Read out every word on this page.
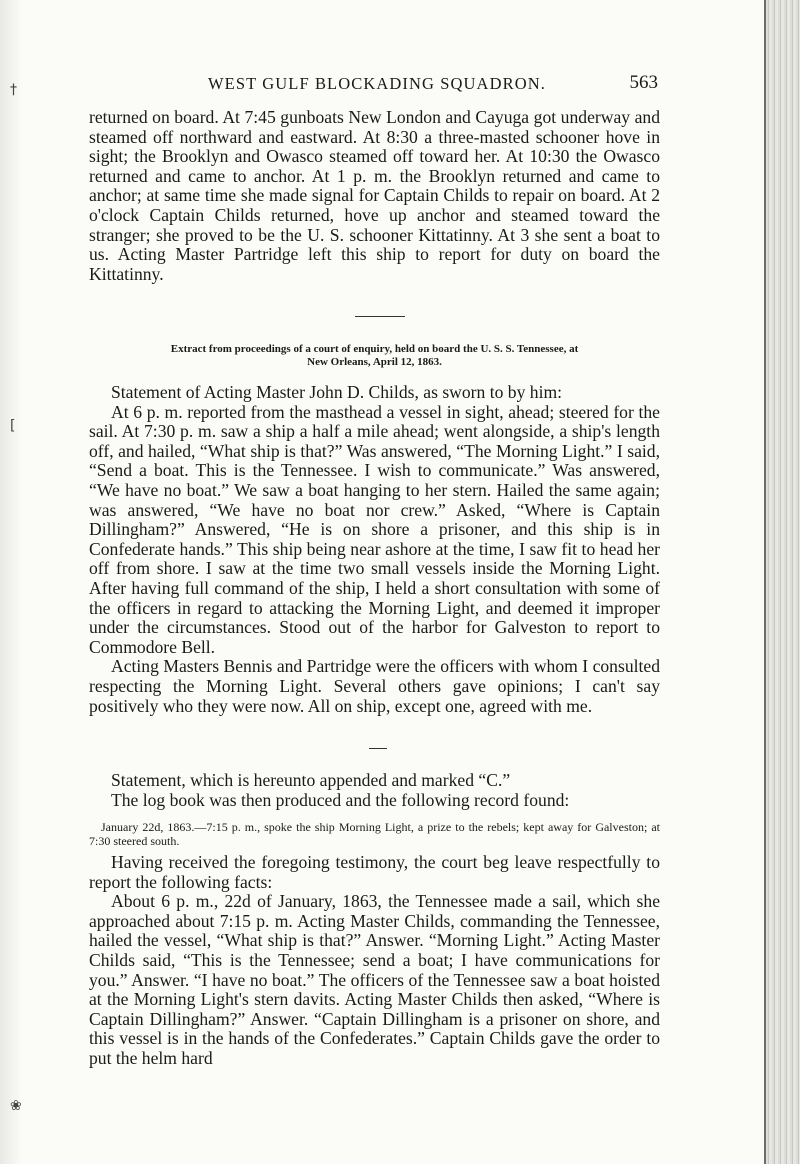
†
[
❀
WEST GULF BLOCKADING SQUADRON.	563

returned on board. At 7:45 gunboats New London and Cayuga got underway and steamed off northward and eastward. At 8:30 a three-masted schooner hove in sight; the Brooklyn and Owasco steamed off toward her. At 10:30 the Owasco returned and came to anchor. At 1 p. m. the Brooklyn returned and came to anchor; at same time she made signal for Captain Childs to repair on board. At 2 o'clock Captain Childs returned, hove up anchor and steamed toward the stranger; she proved to be the U. S. schooner Kittatinny. At 3 she sent a boat to us. Acting Master Partridge left this ship to report for duty on board the Kittatinny.

Extract from proceedings of a court of enquiry, held on board the U. S. S. Tennessee, at
New Orleans, April 12, 1863.

Statement of Acting Master John D. Childs, as sworn to by him:

At 6 p. m. reported from the masthead a vessel in sight, ahead; steered for the sail. At 7:30 p. m. saw a ship a half a mile ahead; went alongside, a ship's length off, and hailed, “What ship is that?” Was answered, “The Morning Light.” I said, “Send a boat. This is the Tennessee. I wish to communicate.” Was answered, “We have no boat.” We saw a boat hanging to her stern. Hailed the same again; was answered, “We have no boat nor crew.” Asked, “Where is Captain Dillingham?” Answered, “He is on shore a prisoner, and this ship is in Confederate hands.” This ship being near ashore at the time, I saw fit to head her off from shore. I saw at the time two small vessels inside the Morning Light. After having full command of the ship, I held a short consultation with some of the officers in regard to attacking the Morning Light, and deemed it improper under the circumstances. Stood out of the harbor for Galveston to report to Commodore Bell.

Acting Masters Bennis and Partridge were the officers with whom I consulted respecting the Morning Light. Several others gave opinions; I can't say positively who they were now. All on ship, except one, agreed with me.

Statement, which is hereunto appended and marked “C.”

The log book was then produced and the following record found:

January 22d, 1863.—7:15 p. m., spoke the ship Morning Light, a prize to the rebels; kept away for Galveston; at 7:30 steered south.

Having received the foregoing testimony, the court beg leave respectfully to report the following facts:

About 6 p. m., 22d of January, 1863, the Tennessee made a sail, which she approached about 7:15 p. m. Acting Master Childs, commanding the Tennessee, hailed the vessel, “What ship is that?” Answer. “Morning Light.” Acting Master Childs said, “This is the Tennessee; send a boat; I have communications for you.” Answer. “I have no boat.” The officers of the Tennessee saw a boat hoisted at the Morning Light's stern davits. Acting Master Childs then asked, “Where is Captain Dillingham?” Answer. “Captain Dillingham is a prisoner on shore, and this vessel is in the hands of the Confederates.” Captain Childs gave the order to put the helm hard
